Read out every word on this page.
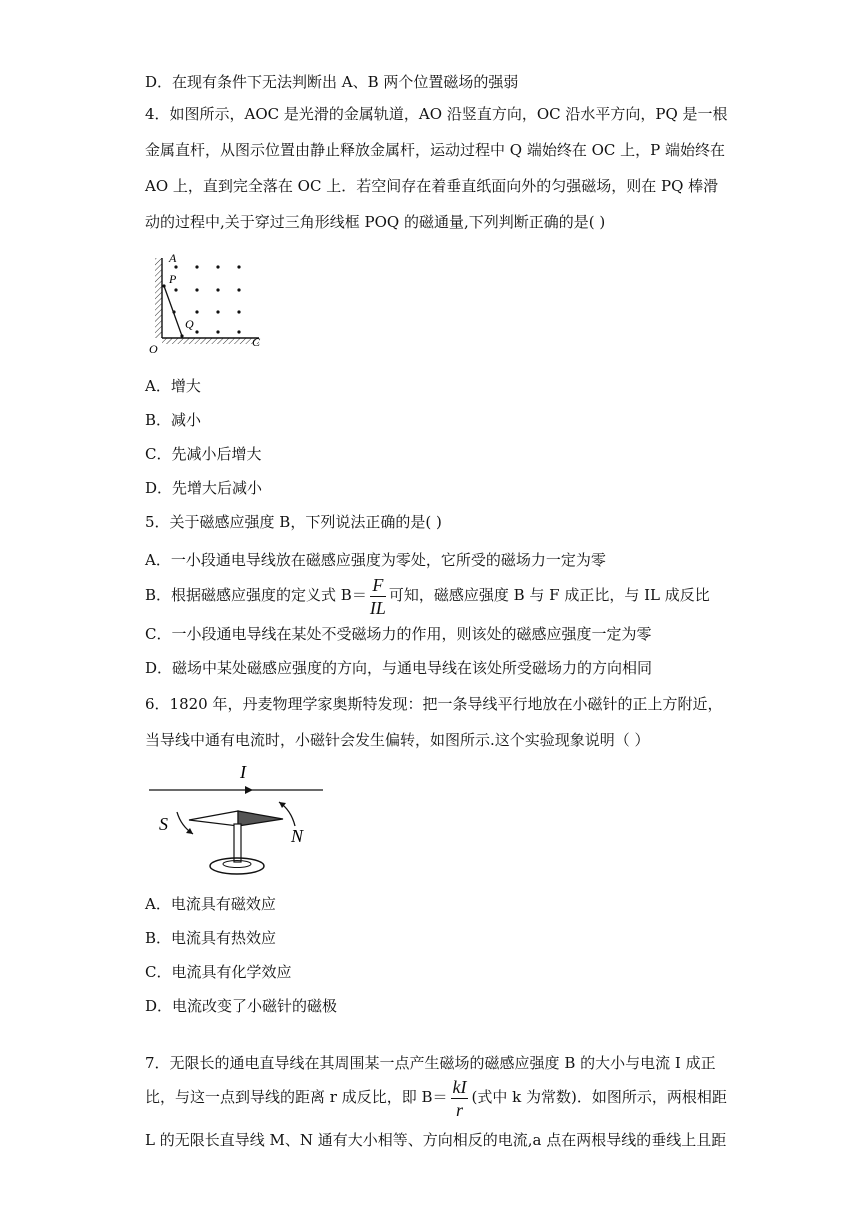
D．在现有条件下无法判断出 A、B 两个位置磁场的强弱
4．如图所示，AOC 是光滑的金属轨道，AO 沿竖直方向，OC 沿水平方向，PQ 是一根
金属直杆，从图示位置由静止释放金属杆，运动过程中 Q 端始终在 OC 上，P 端始终在
AO 上，直到完全落在 OC 上．若空间存在着垂直纸面向外的匀强磁场，则在 PQ 棒滑
动的过程中,关于穿过三角形线框 POQ 的磁通量,下列判断正确的是( )
A
P
Q
O	C
A．增大
B．减小
C．先减小后增大
D．先增大后减小
5．关于磁感应强度 B，下列说法正确的是( )
A．一小段通电导线放在磁感应强度为零处，它所受的磁场力一定为零
B．根据磁感应强度的定义式 $B= \frac{F}{IL}$ 可知，磁感应强度 B 与 F 成正比，与 IL 成反比
C．一小段通电导线在某处不受磁场力的作用，则该处的磁感应强度一定为零
D．磁场中某处磁感应强度的方向，与通电导线在该处所受磁场力的方向相同
6．1820 年，丹麦物理学家奥斯特发现：把一条导线平行地放在小磁针的正上方附近，
当导线中通有电流时，小磁针会发生偏转，如图所示.这个实验现象说明（ ）
I
S
N
A．电流具有磁效应
B．电流具有热效应
C．电流具有化学效应
D．电流改变了小磁针的磁极
7．无限长的通电直导线在其周围某一点产生磁场的磁感应强度 B 的大小与电流 I 成正
比，与这一点到导线的距离 r 成反比，即 $B= \frac{kI}{r}$ (式中 k 为常数)．如图所示，两根相距
L 的无限长直导线 M、N 通有大小相等、方向相反的电流,a 点在两根导线的垂线上且距
